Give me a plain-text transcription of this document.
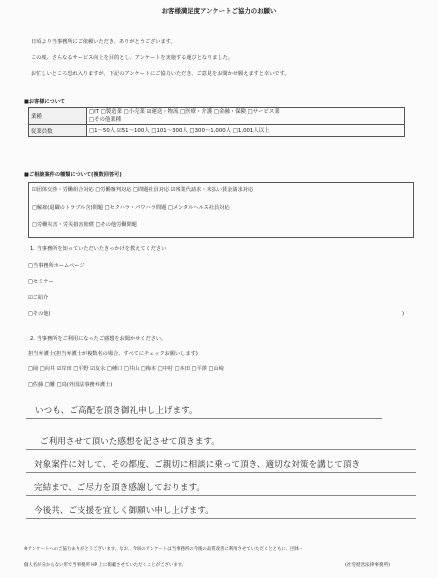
お客様満足度アンケートご協力のお願い
日頃より当事務所にご依頼いただき、ありがとうございます。
この度、さらなるサービス向上を目的とし、アンケートを実施する運びとなりました。
お忙しいところ恐れ入りますが、下記のアンケートにご協力いただき、ご意見をお聞かせ願えますと幸いです。
■お客様について
業種	□IT □製造業 □小売業 ☑運送・物流 □医療・介護 □金融・保険 □サービス業
□その他業種

従業員数	□1～50人 ☑51～100人 □101～300人 □300～1,000人 □1,001人以上
■ご相談案件の種類について(複数回答可)
☑団体交渉・労働組合対応 □労働審判対応 □問題社員対応 ☑残業代請求・未払い賃金請求対応
□解雇(退職のトラブル含)問題 □セクハラ・パワハラ問題 □メンタルヘルス社員対応
□労働災害・労災損害賠償 □その他労働問題
1. 当事務所を知っていただいたきっかけを教えてください
□当事務所ホームページ
□セミナー
☑ご紹介
□その他(	)
2. 当事務所をご利用になったご感想をお聞かせください。
担当弁護士(担当弁護士が複数名の場合、すべてにチェックお願いします)
□岡 □向井 ☑岸田 □平野 ☑友永 □種口 □井山 □梅本 □中村 □本田 □平澤 □山崎
□佐藤 □難 □鳥(外国法事務弁護士)
いつも、ご高配を頂き御礼申し上げます。
ご利用させて頂いた感想を記させて頂きます。
対象案件に対して、その都度、ご親切に相談に乗って頂き、適切な対策を講じて頂き
完結まで、ご尽力を頂き感謝しております。
今後共、ご支援を宜しく御願い申し上げます。
※アンケートへのご協力ありがとうございます。なお、今回のアンケートは当事務所の今後の品質改善に利用させていただくとともに、団体・
個人名が分からない形で当事務所 HP 上に掲載させていただくことがございます。	(社労経営法律事務所)
